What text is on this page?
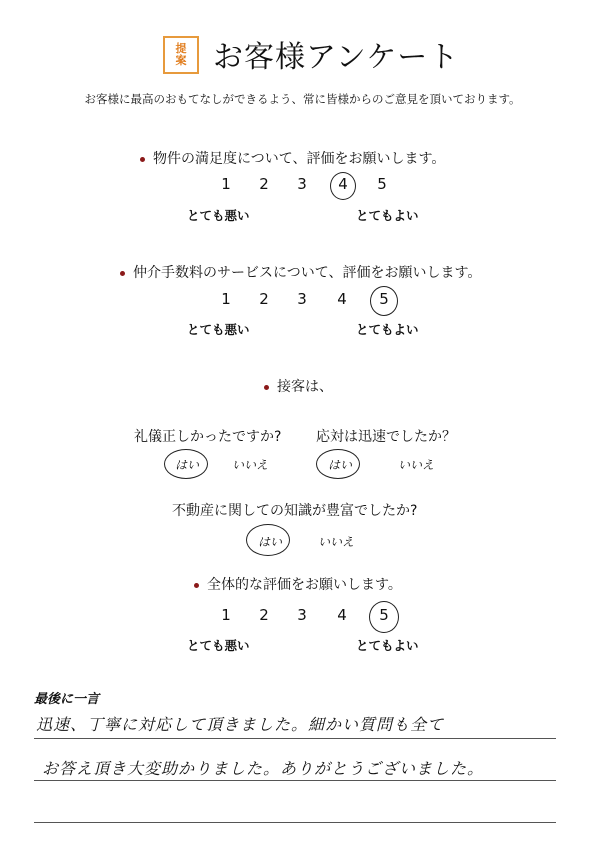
提
案 お客様アンケート
お客様に最高のおもてなしができるよう、常に皆様からのご意見を頂いております。
物件の満足度について、評価をお願いします。
1	2	3	4	5
とても悪い	とてもよい
仲介手数料のサービスについて、評価をお願いします。
1	2	3	4	5
とても悪い	とてもよい
接客は、
礼儀正しかったですか? 応対は迅速でしたか？
はい	いいえ	はい	いいえ
不動産に関しての知識が豊富でしたか?
はい	いいえ
全体的な評価をお願いします。
1	2	3	4	5
とても悪い	とてもよい
最後に一言
迅速、丁寧に対応して頂きました。細かい質問も全て
お答え頂き大変助かりました。ありがとうございました。
